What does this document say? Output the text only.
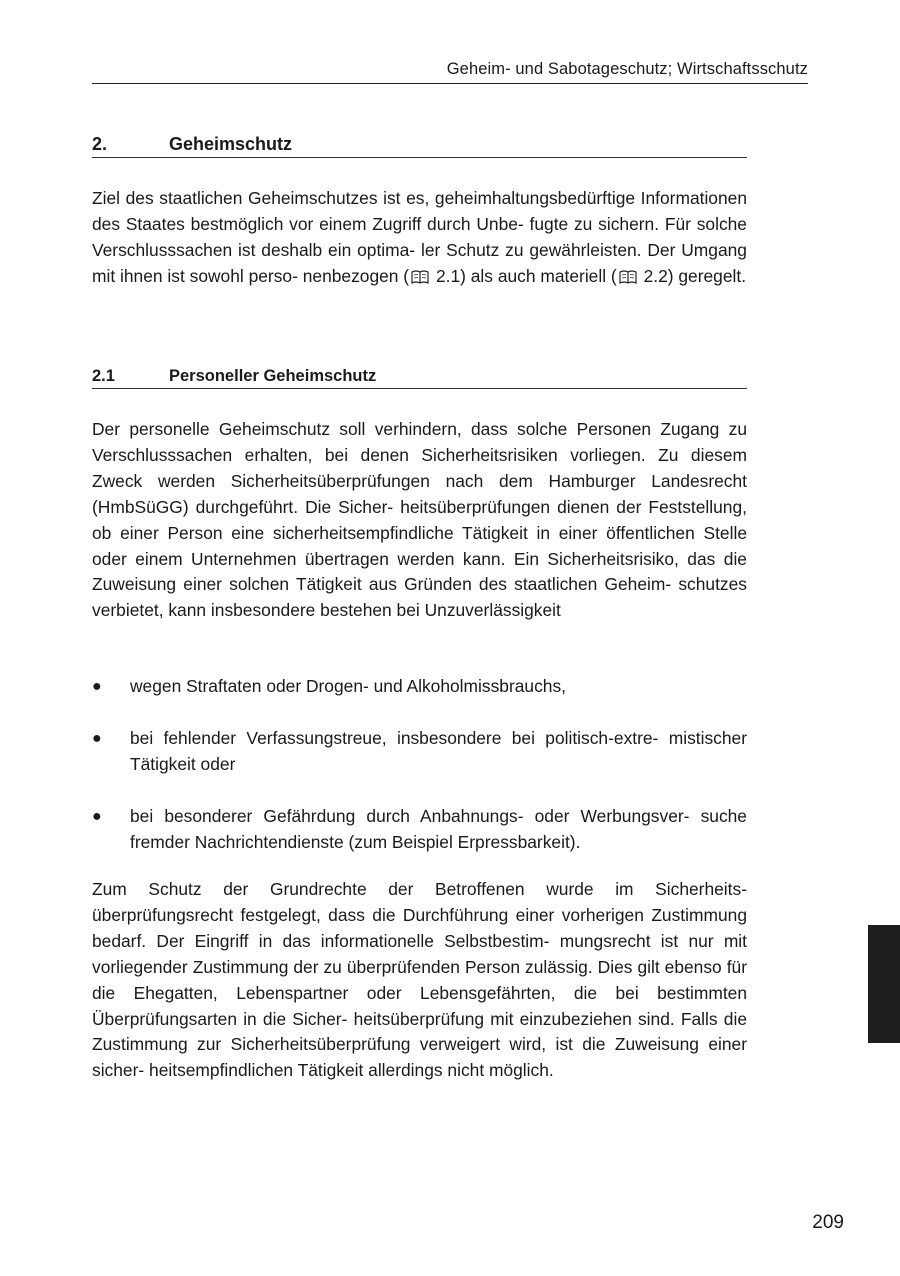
Geheim- und Sabotageschutz; Wirtschaftsschutz
2.	Geheimschutz

Ziel des staatlichen Geheimschutzes ist es, geheimhaltungsbedürftige Informationen des Staates bestmöglich vor einem Zugriff durch Unbe- fugte zu sichern. Für solche Verschlusssachen ist deshalb ein optima- ler Schutz zu gewährleisten. Der Umgang mit ihnen ist sowohl perso- nenbezogen ( 2.1) als auch materiell ( 2.2) geregelt.

2.1	Personeller Geheimschutz

Der personelle Geheimschutz soll verhindern, dass solche Personen Zugang zu Verschlusssachen erhalten, bei denen Sicherheitsrisiken vorliegen. Zu diesem Zweck werden Sicherheitsüberprüfungen nach dem Hamburger Landesrecht (HmbSüGG) durchgeführt. Die Sicher- heitsüberprüfungen dienen der Feststellung, ob einer Person eine sicherheitsempfindliche Tätigkeit in einer öffentlichen Stelle oder einem Unternehmen übertragen werden kann. Ein Sicherheitsrisiko, das die Zuweisung einer solchen Tätigkeit aus Gründen des staatlichen Geheim- schutzes verbietet, kann insbesondere bestehen bei Unzuverlässigkeit

● wegen Straftaten oder Drogen- und Alkoholmissbrauchs,
● bei fehlender Verfassungstreue, insbesondere bei politisch-extre- mistischer Tätigkeit oder
● bei besonderer Gefährdung durch Anbahnungs- oder Werbungsver- suche fremder Nachrichtendienste (zum Beispiel Erpressbarkeit).

Zum Schutz der Grundrechte der Betroffenen wurde im Sicherheits- überprüfungsrecht festgelegt, dass die Durchführung einer vorherigen Zustimmung bedarf. Der Eingriff in das informationelle Selbstbestim- mungsrecht ist nur mit vorliegender Zustimmung der zu überprüfenden Person zulässig. Dies gilt ebenso für die Ehegatten, Lebenspartner oder Lebensgefährten, die bei bestimmten Überprüfungsarten in die Sicher- heitsüberprüfung mit einzubeziehen sind. Falls die Zustimmung zur Sicherheitsüberprüfung verweigert wird, ist die Zuweisung einer sicher- heitsempfindlichen Tätigkeit allerdings nicht möglich.

209
